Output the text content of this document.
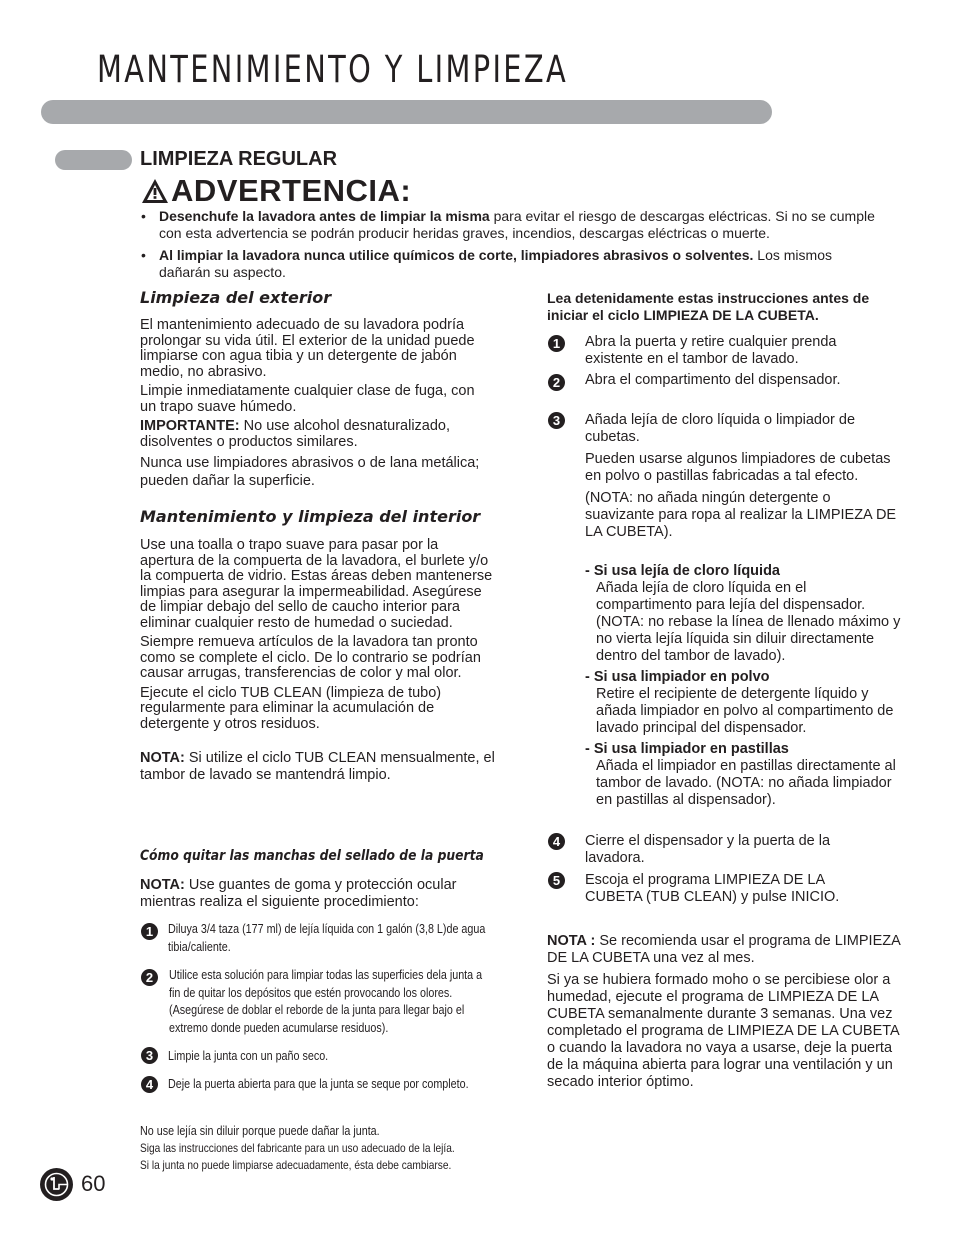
MANTENIMIENTO Y LIMPIEZA
LIMPIEZA REGULAR
ADVERTENCIA:
• Desenchufe la lavadora antes de limpiar la misma para evitar el riesgo de descargas eléctricas. Si no se cumple con esta advertencia se podrán producir heridas graves, incendios, descargas eléctricas o muerte.
• Al limpiar la lavadora nunca utilice químicos de corte, limpiadores abrasivos o solventes. Los mismos dañarán su aspecto.
Limpieza del exterior

El mantenimiento adecuado de su lavadora podría prolongar su vida útil. El exterior de la unidad puede limpiarse con agua tibia y un detergente de jabón medio, no abrasivo.

Limpie inmediatamente cualquier clase de fuga, con un trapo suave húmedo.

IMPORTANTE: No use alcohol desnaturalizado, disolventes o productos similares.

Nunca use limpiadores abrasivos o de lana metálica; pueden dañar la superficie.

Mantenimiento y limpieza del interior

Use una toalla o trapo suave para pasar por la apertura de la compuerta de la lavadora, el burlete y/o la compuerta de vidrio. Estas áreas deben mantenerse limpias para asegurar la impermeabilidad. Asegúrese de limpiar debajo del sello de caucho interior para eliminar cualquier resto de humedad o suciedad.

Siempre remueva artículos de la lavadora tan pronto como se complete el ciclo. De lo contrario se podrían causar arrugas, transferencias de color y mal olor.

Ejecute el ciclo TUB CLEAN (limpieza de tubo) regularmente para eliminar la acumulación de detergente y otros residuos.

NOTA: Si utilize el ciclo TUB CLEAN mensualmente, el tambor de lavado se mantendrá limpio.

Cómo quitar las manchas del sellado de la puerta
NOTA: Use guantes de goma y protección ocular mientras realiza el siguiente procedimiento:
1	Diluya 3/4 taza (177 ml) de lejía líquida con 1 galón (3,8 L)de agua tibia/caliente.
2	Utilice esta solución para limpiar todas las superficies dela junta a fin de quitar los depósitos que estén provocando los olores. (Asegúrese de doblar el reborde de la junta para llegar bajo el extremo donde pueden acumularse residuos).
3	Limpie la junta con un paño seco.
4	Deje la puerta abierta para que la junta se seque por completo.
No use lejía sin diluir porque puede dañar la junta.
Siga las instrucciones del fabricante para un uso adecuado de la lejía.
Si la junta no puede limpiarse adecuadamente, ésta debe cambiarse.
Lea detenidamente estas instrucciones antes de iniciar el ciclo LIMPIEZA DE LA CUBETA.
1	Abra la puerta y retire cualquier prenda existente en el tambor de lavado.
2	Abra el compartimento del dispensador.
3	Añada lejía de cloro líquida o limpiador de cubetas.

Pueden usarse algunos limpiadores de cubetas en polvo o pastillas fabricadas a tal efecto.

(NOTA: no añada ningún detergente o suavizante para ropa al realizar la LIMPIEZA DE LA CUBETA).

- Si usa lejía de cloro líquida
Añada lejía de cloro líquida en el compartimento para lejía del dispensador. (NOTA: no rebase la línea de llenado máximo y no vierta lejía líquida sin diluir directamente dentro del tambor de lavado).
- Si usa limpiador en polvo
Retire el recipiente de detergente líquido y añada limpiador en polvo al compartimento de lavado principal del dispensador.
- Si usa limpiador en pastillas
Añada el limpiador en pastillas directamente al tambor de lavado. (NOTA: no añada limpiador en pastillas al dispensador).
4	Cierre el dispensador y la puerta de la lavadora.
5	Escoja el programa LIMPIEZA DE LA CUBETA (TUB CLEAN) y pulse INICIO.

NOTA : Se recomienda usar el programa de LIMPIEZA DE LA CUBETA una vez al mes.

Si ya se hubiera formado moho o se percibiese olor a humedad, ejecute el programa de LIMPIEZA DE LA CUBETA semanalmente durante 3 semanas. Una vez completado el programa de LIMPIEZA DE LA CUBETA o cuando la lavadora no vaya a usarse, deje la puerta de la máquina abierta para lograr una ventilación y un secado interior óptimo.

60
